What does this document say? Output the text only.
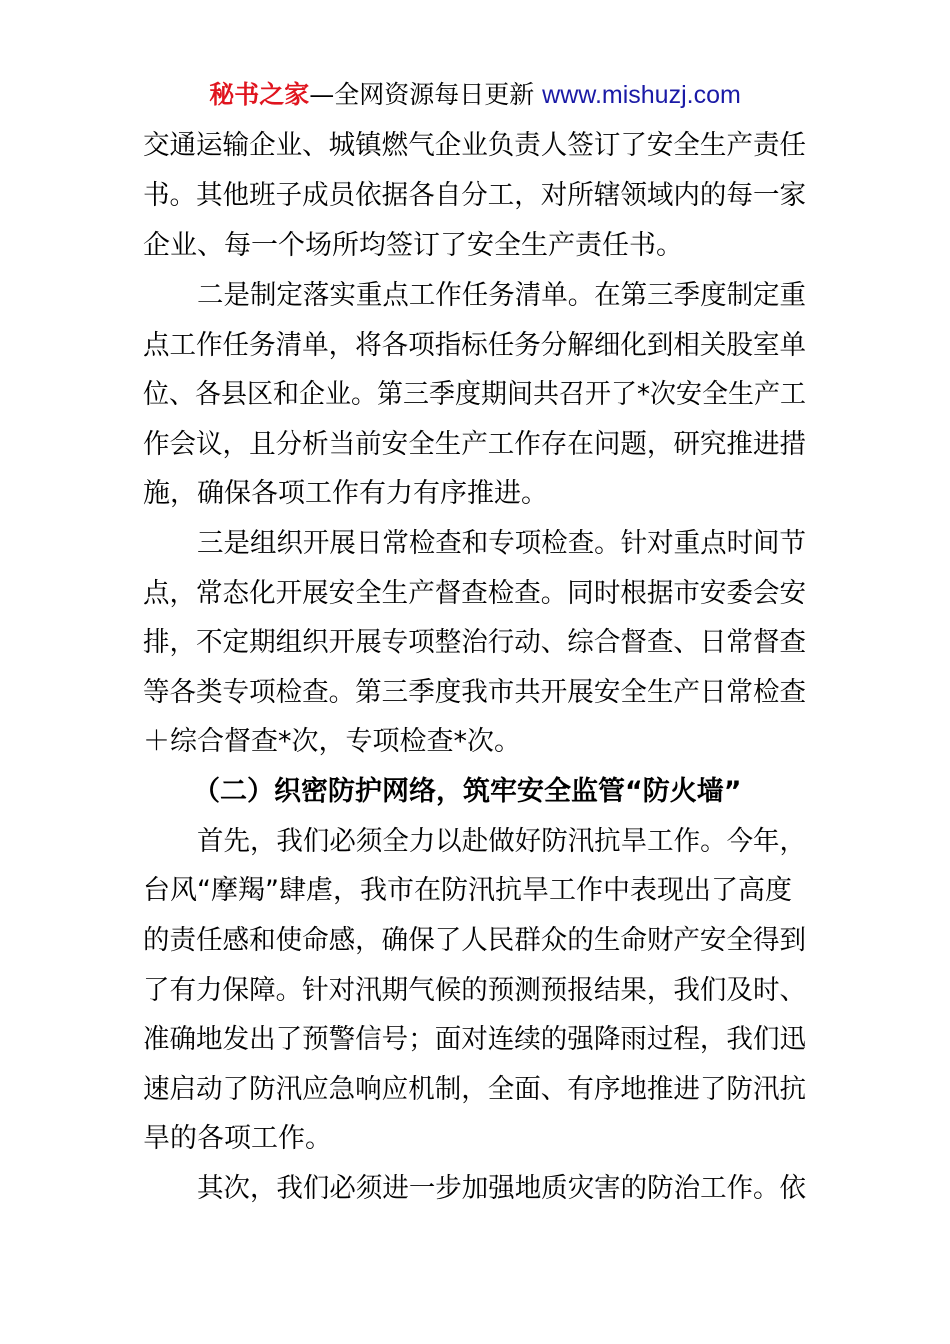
秘书之家—全网资源每日更新 www.mishuzj.com
交通运输企业、城镇燃气企业负责人签订了安全生产责任
书。其他班子成员依据各自分工，对所辖领域内的每一家
企业、每一个场所均签订了安全生产责任书。
二是制定落实重点工作任务清单。在第三季度制定重
点工作任务清单，将各项指标任务分解细化到相关股室单
位、各县区和企业。第三季度期间共召开了*次安全生产工
作会议，且分析当前安全生产工作存在问题，研究推进措
施，确保各项工作有力有序推进。
三是组织开展日常检查和专项检查。针对重点时间节
点，常态化开展安全生产督查检查。同时根据市安委会安
排，不定期组织开展专项整治行动、综合督查、日常督查
等各类专项检查。第三季度我市共开展安全生产日常检查
＋综合督查*次，专项检查*次。
（二）织密防护网络，筑牢安全监管“防火墙”
首先，我们必须全力以赴做好防汛抗旱工作。今年，
台风“摩羯”肆虐，我市在防汛抗旱工作中表现出了高度
的责任感和使命感，确保了人民群众的生命财产安全得到
了有力保障。针对汛期气候的预测预报结果，我们及时、
准确地发出了预警信号；面对连续的强降雨过程，我们迅
速启动了防汛应急响应机制，全面、有序地推进了防汛抗
旱的各项工作。
其次，我们必须进一步加强地质灾害的防治工作。依
